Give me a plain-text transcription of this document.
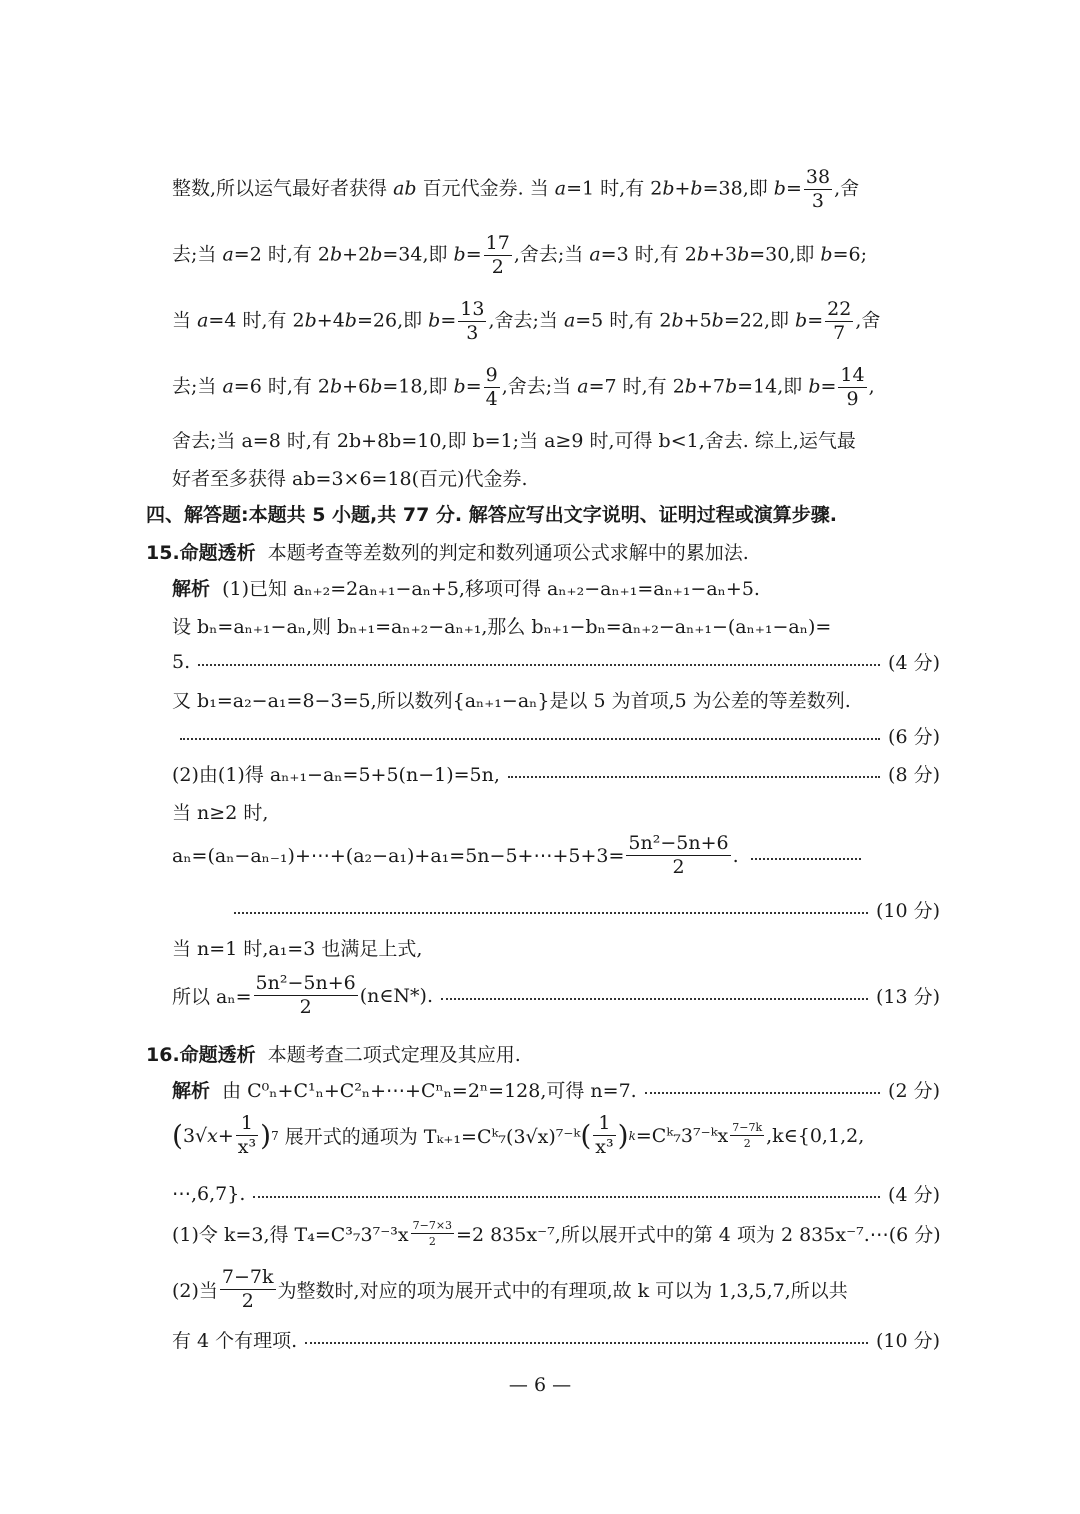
整数,所以运气最好者获得 ab 百元代金券. 当 a=1 时,有 2b+b=38,即 $b= \frac{38}{3}$ ,舍
去;当 a=2 时,有 2b+2b=34,即 $b= \frac{17}{2}$ ,舍去;当 a=3 时,有 2b+3b=30,即 b=6;
当 a=4 时,有 2b+4b=26,即 $b= \frac{13}{3}$ ,舍去;当 a=5 时,有 2b+5b=22,即 $b= \frac{22}{7}$ ,舍
去;当 a=6 时,有 2b+6b=18,即 $b= \frac{9}{4}$ ,舍去;当 a=7 时,有 2b+7b=14,即 $b= \frac{14}{9}$ ,
舍去;当 a=8 时,有 2b+8b=10,即 b=1;当 a≥9 时,可得 b<1,舍去. 综上,运气最
好者至多获得 ab=3×6=18(百元)代金券.
四、解答题:本题共 5 小题,共 77 分. 解答应写出文字说明、证明过程或演算步骤.
15.命题透析 本题考查等差数列的判定和数列通项公式求解中的累加法.
解析 (1)已知 aₙ₊₂=2aₙ₊₁−aₙ+5,移项可得 aₙ₊₂−aₙ₊₁=aₙ₊₁−aₙ+5.
设 bₙ=aₙ₊₁−aₙ,则 bₙ₊₁=aₙ₊₂−aₙ₊₁,那么 bₙ₊₁−bₙ=aₙ₊₂−aₙ₊₁−(aₙ₊₁−aₙ)=
5.	(4 分)
又 b₁=a₂−a₁=8−3=5,所以数列{aₙ₊₁−aₙ}是以 5 为首项,5 为公差的等差数列.
(6 分)
(2)由(1)得 aₙ₊₁−aₙ=5+5(n−1)=5n,	(8 分)
当 n≥2 时,
aₙ=(aₙ−aₙ₋₁)+⋯+(a₂−a₁)+a₁=5n−5+⋯+5+3= $\frac{\text{5n²−5n+6}}{2}$ .
(10 分)
当 n=1 时,a₁=3 也满足上式,
所以 $a_n= \frac{\text{5n²−5n+6}}{2}$ (n∈N*).	(13 分)
16.命题透析 本题考查二项式定理及其应用.
解析
由 C⁰ₙ+C¹ₙ+C²ₙ+⋯+Cⁿₙ=2ⁿ=128,可得 n=7.	(2 分)
( 3√ x +
1
x³ ) 7
展开式的通项为 Tₖ₊₁=Cᵏ₇(3√x)⁷⁻ᵏ ( 1
x³ ) k =Cᵏ₇3⁷⁻ᵏx $\frac{7-7k}{2}$ ,k∈{0,1,2,
⋯,6,7}.	(4 分)
(1)令 k=3,得 $T_4=C^3_73^{7-3}x \frac{7-7\times 3}{2} =2$ 835x⁻⁷,所以展开式中的第 4 项为 2 835x⁻⁷.⋯ (6 分)
(2)当
7−7k
2	为整数时,对应的项为展开式中的有理项,故 k 可以为 1,3,5,7,所以共
有 4 个有理项.	(10 分)
— 6 —
